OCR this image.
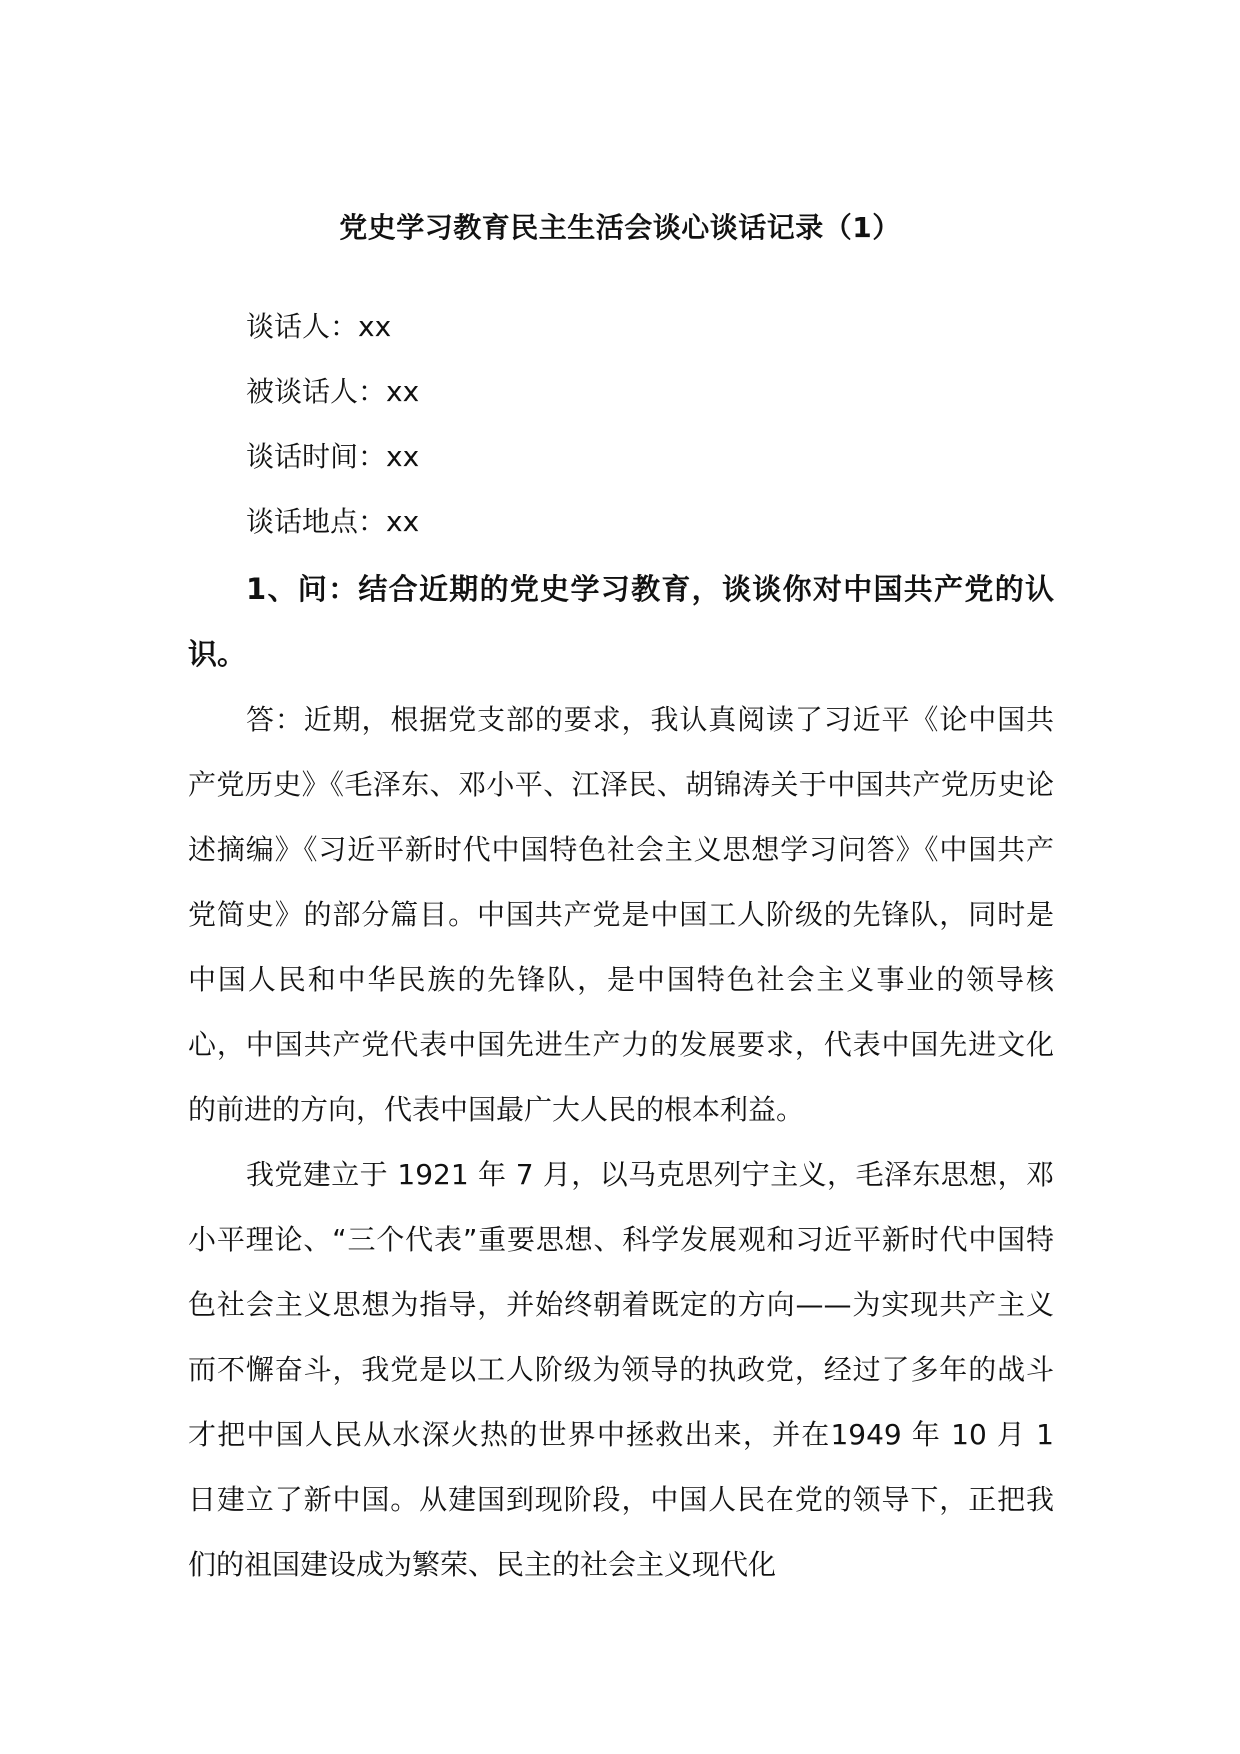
党史学习教育民主生活会谈心谈话记录（1）
谈话人：xx
被谈话人：xx
谈话时间：xx
谈话地点：xx

1、问：结合近期的党史学习教育，谈谈你对中国共产党的认识。

答：近期，根据党支部的要求，我认真阅读了习近平《论中国共产党历史》《毛泽东、邓小平、江泽民、胡锦涛关于中国共产党历史论述摘编》《习近平新时代中国特色社会主义思想学习问答》《中国共产党简史》的部分篇目。中国共产党是中国工人阶级的先锋队，同时是中国人民和中华民族的先锋队，是中国特色社会主义事业的领导核心，中国共产党代表中国先进生产力的发展要求，代表中国先进文化的前进的方向，代表中国最广大人民的根本利益。

我党建立于 1921 年 7 月，以马克思列宁主义，毛泽东思想，邓小平理论、“三个代表”重要思想、科学发展观和习近平新时代中国特色社会主义思想为指导，并始终朝着既定的方向——为实现共产主义而不懈奋斗，我党是以工人阶级为领导的执政党，经过了多年的战斗才把中国人民从水深火热的世界中拯救出来，并在1949 年 10 月 1 日建立了新中国。从建国到现阶段，中国人民在党的领导下，正把我们的祖国建设成为繁荣、民主的社会主义现代化
